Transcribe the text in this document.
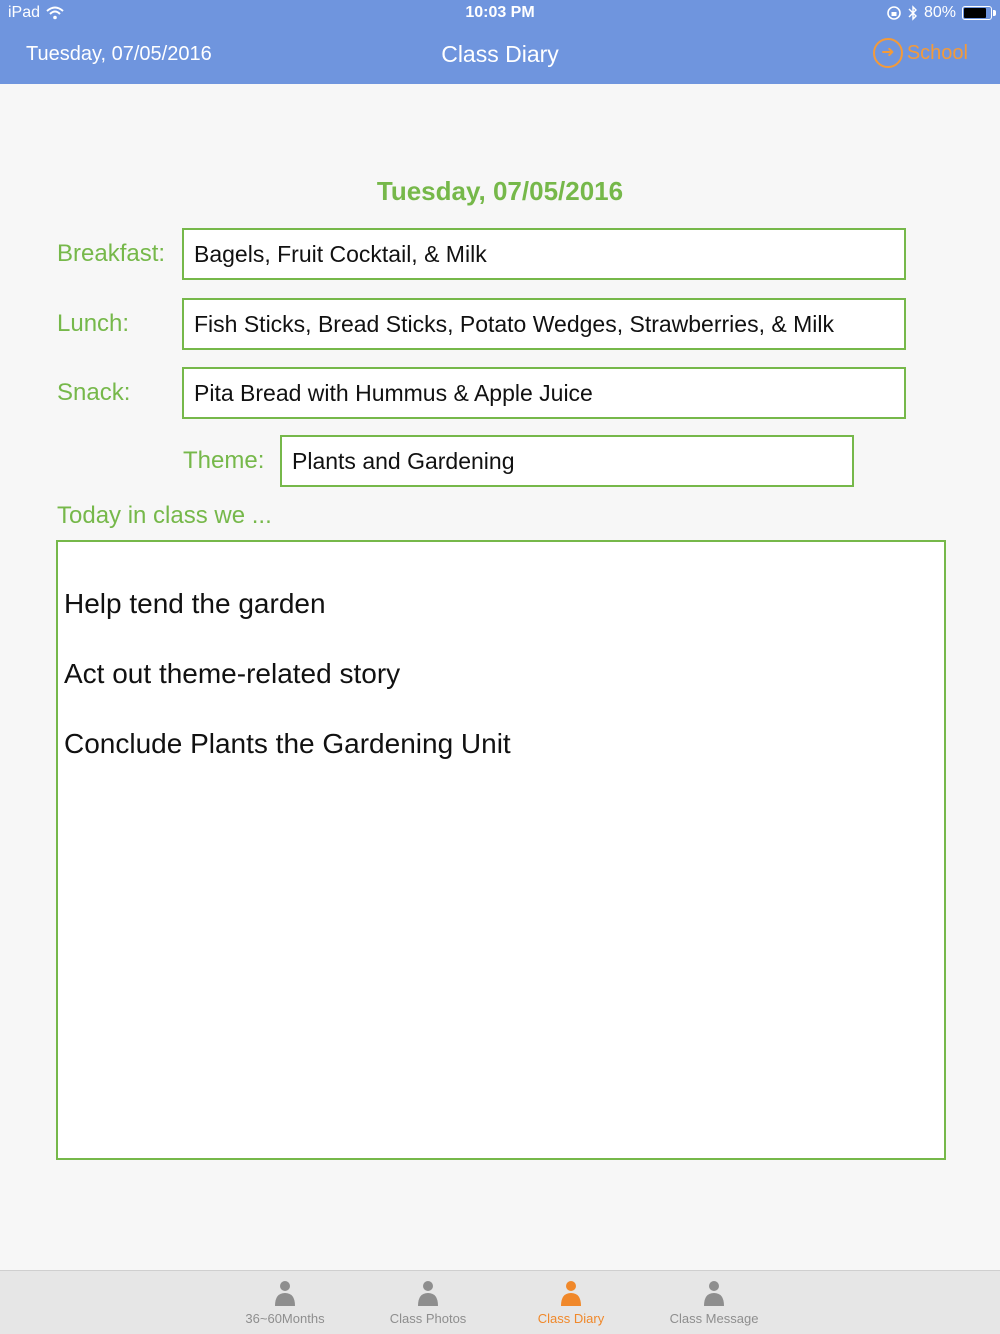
iPad	10:03 PM	80%
Tuesday, 07/05/2016	Class Diary	➜ School
Tuesday, 07/05/2016
Breakfast:	Bagels, Fruit Cocktail, & Milk
Lunch:	Fish Sticks, Bread Sticks, Potato Wedges, Strawberries, & Milk
Snack:	Pita Bread with Hummus & Apple Juice
Theme:	Plants and Gardening
Today in class we ...
Help tend the garden
Act out theme-related story
Conclude Plants the Gardening Unit
36~60Months	Class Photos	Class Diary	Class Message
